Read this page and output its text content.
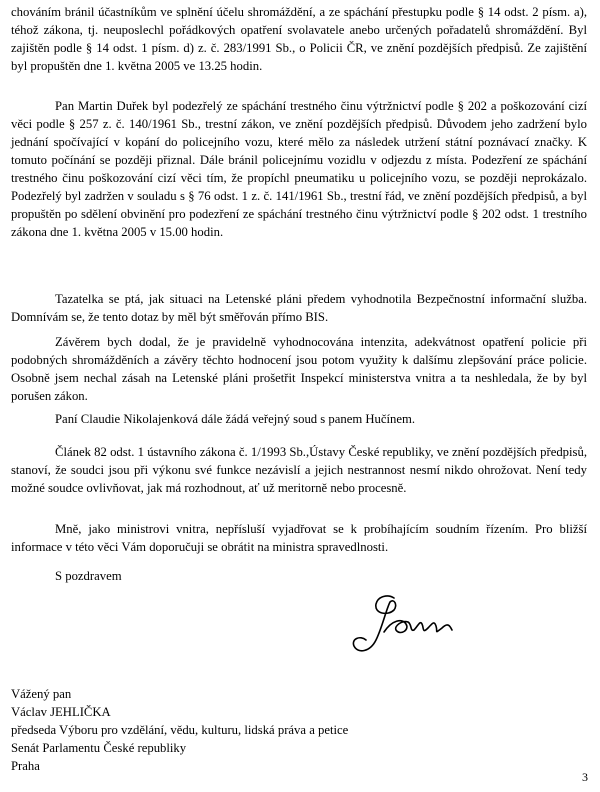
chováním bránil účastníkům ve splnění účelu shromáždění, a ze spáchání přestupku podle § 14 odst. 2 písm. a), téhož zákona, tj. neuposlechl pořádkových opatření svolavatele anebo určených pořadatelů shromáždění. Byl zajištěn podle § 14 odst. 1 písm. d) z. č. 283/1991 Sb., o Policii ČR, ve znění pozdějších předpisů. Ze zajištění byl propuštěn dne 1. května 2005 ve 13.25 hodin.

Pan Martin Duřek byl podezřelý ze spáchání trestného činu výtržnictví podle § 202 a poškozování cizí věci podle § 257 z. č. 140/1961 Sb., trestní zákon, ve znění pozdějších předpisů. Důvodem jeho zadržení bylo jednání spočívající v kopání do policejního vozu, které mělo za následek utržení státní poznávací značky. K tomuto počínání se později přiznal. Dále bránil policejnímu vozidlu v odjezdu z místa. Podezření ze spáchání trestného činu poškozování cizí věci tím, že propíchl pneumatiku u policejního vozu, se později neprokázalo. Podezřelý byl zadržen v souladu s § 76 odst. 1 z. č. 141/1961 Sb., trestní řád, ve znění pozdějších předpisů, a byl propuštěn po sdělení obvinění pro podezření ze spáchání trestného činu výtržnictví podle § 202 odst. 1 trestního zákona dne 1. května 2005 v 15.00 hodin.

Tazatelka se ptá, jak situaci na Letenské pláni předem vyhodnotila Bezpečnostní informační služba. Domnívám se, že tento dotaz by měl být směřován přímo BIS.

Závěrem bych dodal, že je pravidelně vyhodnocována intenzita, adekvátnost opatření policie při podobných shromážděních a závěry těchto hodnocení jsou potom využity k dalšímu zlepšování práce policie. Osobně jsem nechal zásah na Letenské pláni prošetřit Inspekcí ministerstva vnitra a ta neshledala, že by byl porušen zákon.

Paní Claudie Nikolajenková dále žádá veřejný soud s panem Hučínem.

Článek 82 odst. 1 ústavního zákona č. 1/1993 Sb.,Ústavy České republiky, ve znění pozdějších předpisů, stanoví, že soudci jsou při výkonu své funkce nezávislí a jejich nestrannost nesmí nikdo ohrožovat. Není tedy možné soudce ovlivňovat, jak má rozhodnout, ať už meritorně nebo procesně.

Mně, jako ministrovi vnitra, nepřísluší vyjadřovat se k probíhajícím soudním řízením. Pro bližší informace v této věci Vám doporučuji se obrátit na ministra spravedlnosti.

S pozdravem

Vážený pan
Václav JEHLIČKA
předseda Výboru pro vzdělání, vědu, kulturu, lidská práva a petice
Senát Parlamentu České republiky
Praha
3
